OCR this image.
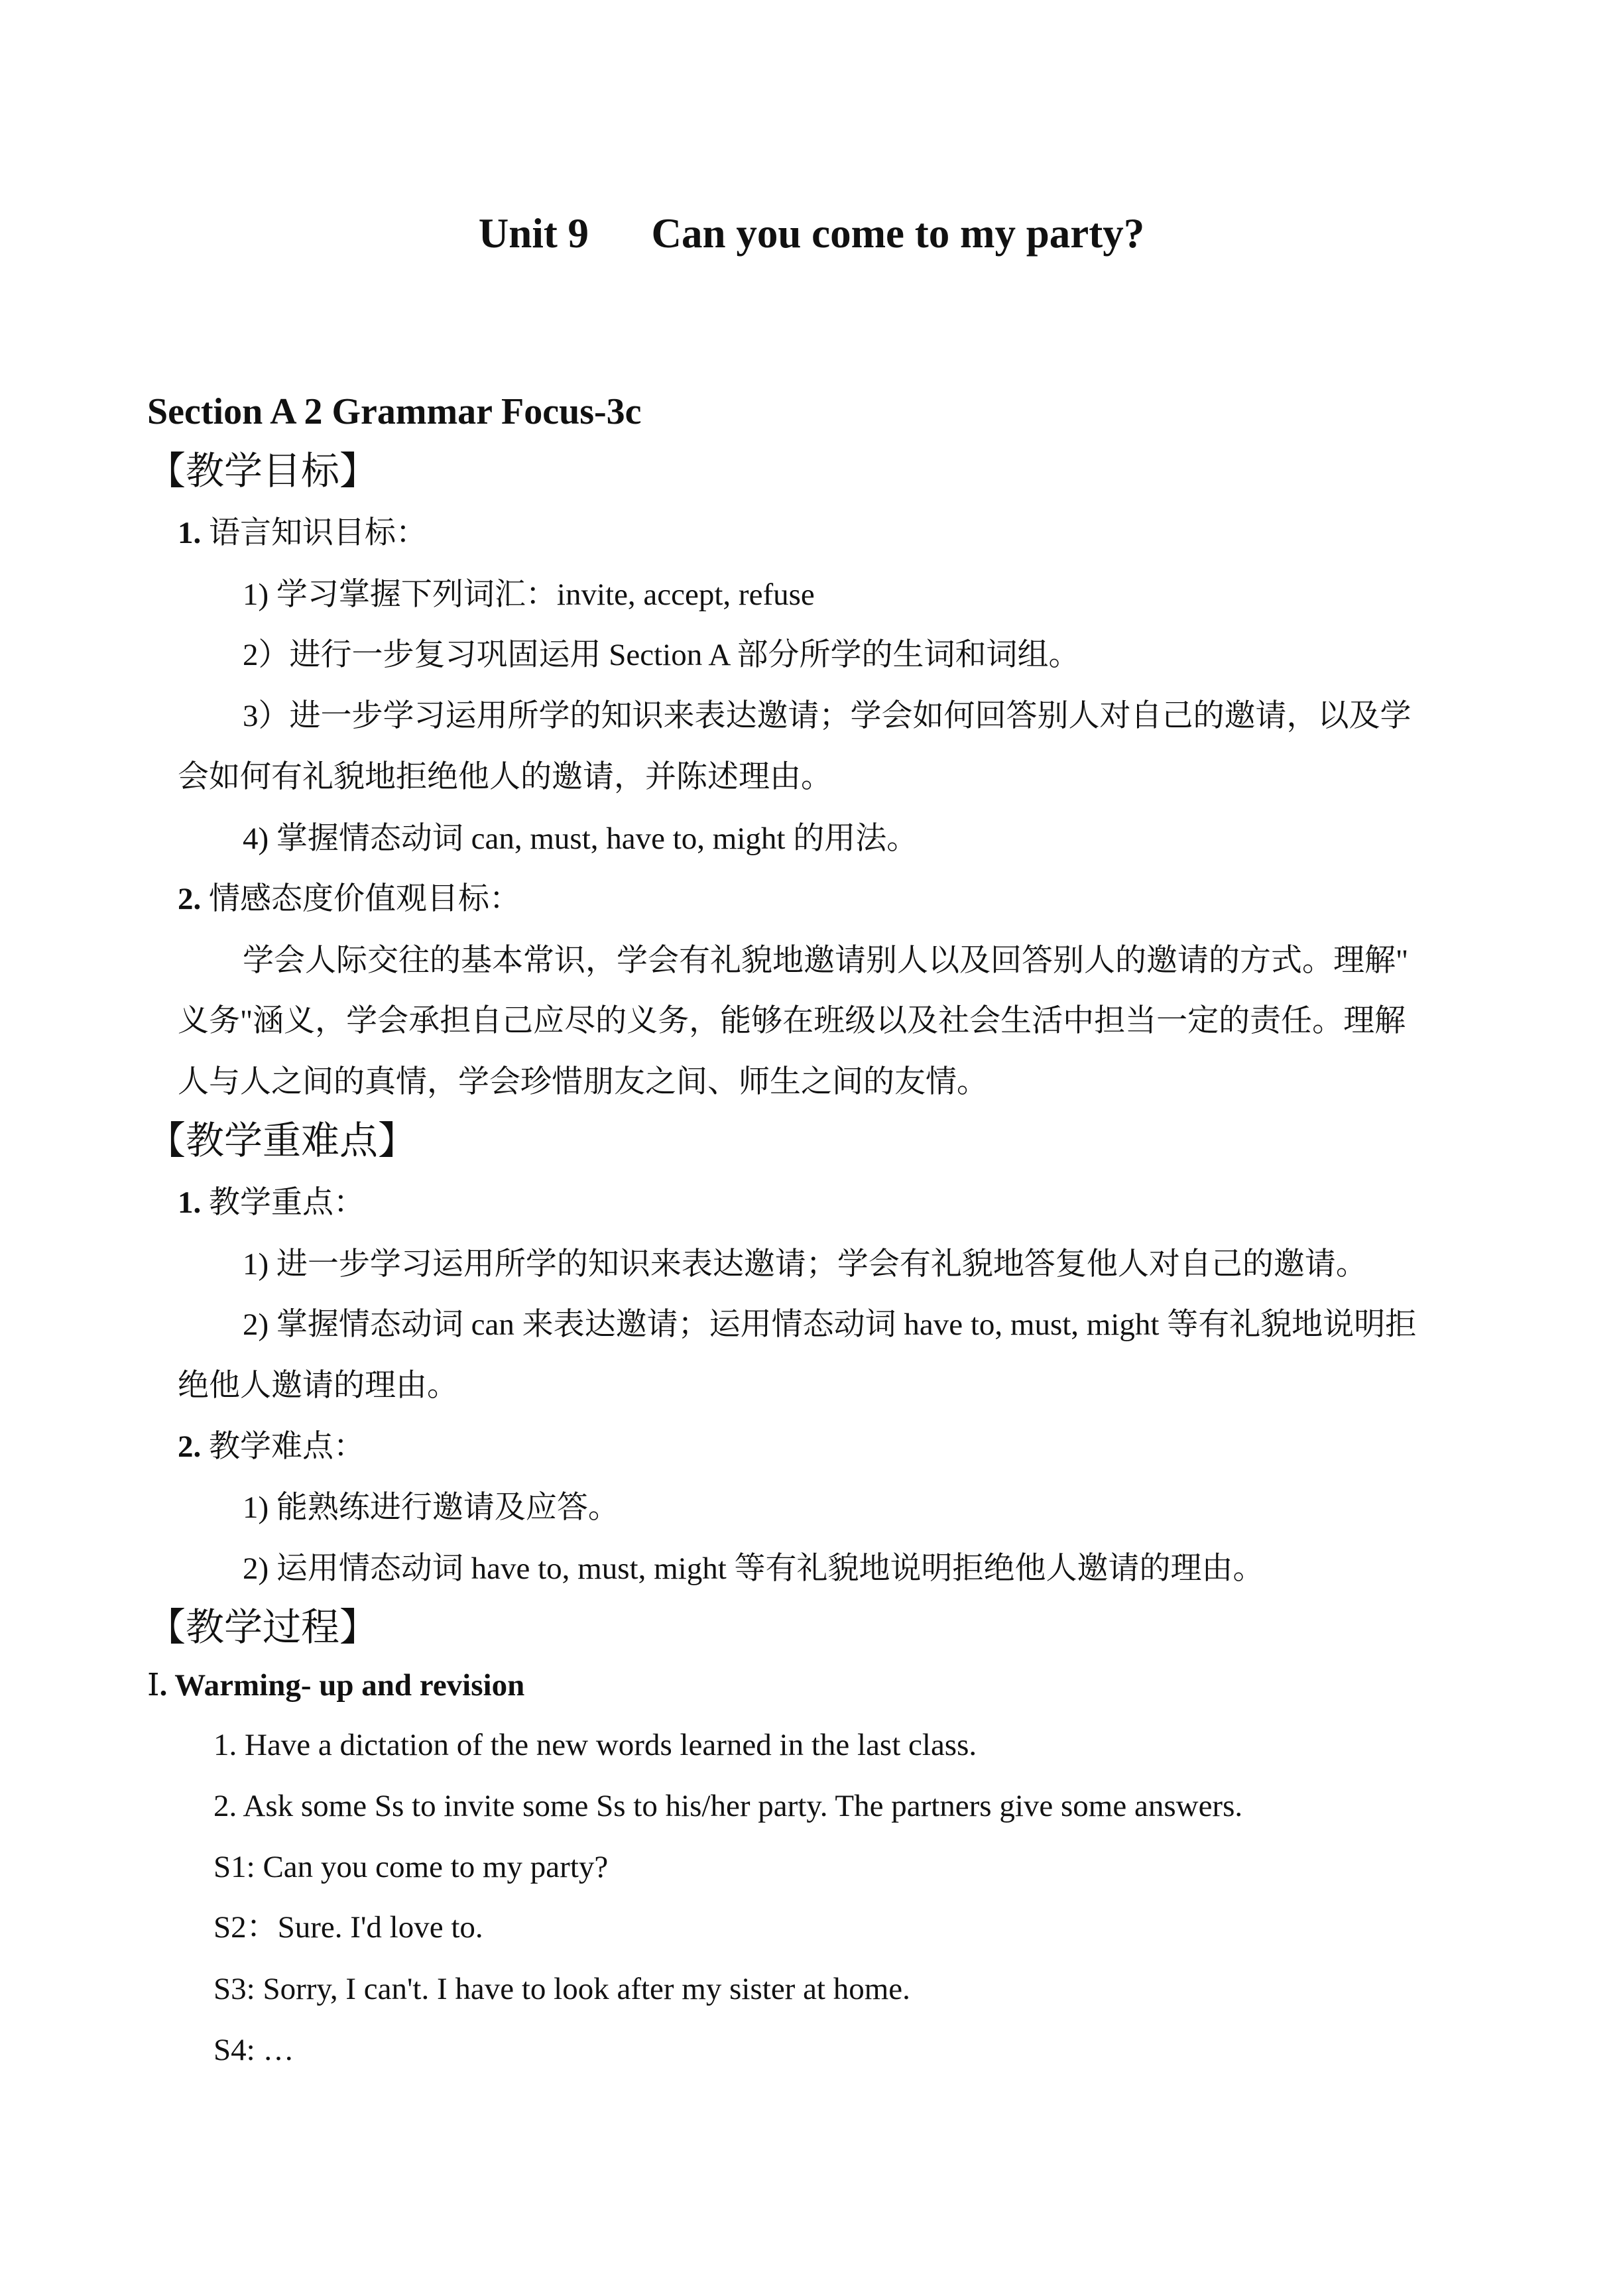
Unit 9      Can you come to my party?
Section A 2 Grammar Focus-3c
【教学目标】
1. 语言知识目标：
1) 学习掌握下列词汇：invite, accept, refuse
2）进行一步复习巩固运用 Section A 部分所学的生词和词组。
3）进一步学习运用所学的知识来表达邀请；学会如何回答别人对自己的邀请，以及学
会如何有礼貌地拒绝他人的邀请，并陈述理由。
4) 掌握情态动词 can, must, have to, might 的用法。
2. 情感态度价值观目标：
学会人际交往的基本常识，学会有礼貌地邀请别人以及回答别人的邀请的方式。理解"
义务"涵义，学会承担自己应尽的义务，能够在班级以及社会生活中担当一定的责任。理解
人与人之间的真情，学会珍惜朋友之间、师生之间的友情。
【教学重难点】
1. 教学重点：
1) 进一步学习运用所学的知识来表达邀请；学会有礼貌地答复他人对自己的邀请。
2) 掌握情态动词 can 来表达邀请；运用情态动词 have to, must, might 等有礼貌地说明拒
绝他人邀请的理由。
2. 教学难点：
1) 能熟练进行邀请及应答。
2) 运用情态动词 have to, must, might 等有礼貌地说明拒绝他人邀请的理由。
【教学过程】
Ⅰ. Warming- up and revision
1. Have a dictation of the new words learned in the last class.
2. Ask some Ss to invite some Ss to his/her party. The partners give some answers.
S1: Can you come to my party?
S2：Sure. I'd love to.
S3: Sorry, I can't. I have to look after my sister at home.
S4: …
